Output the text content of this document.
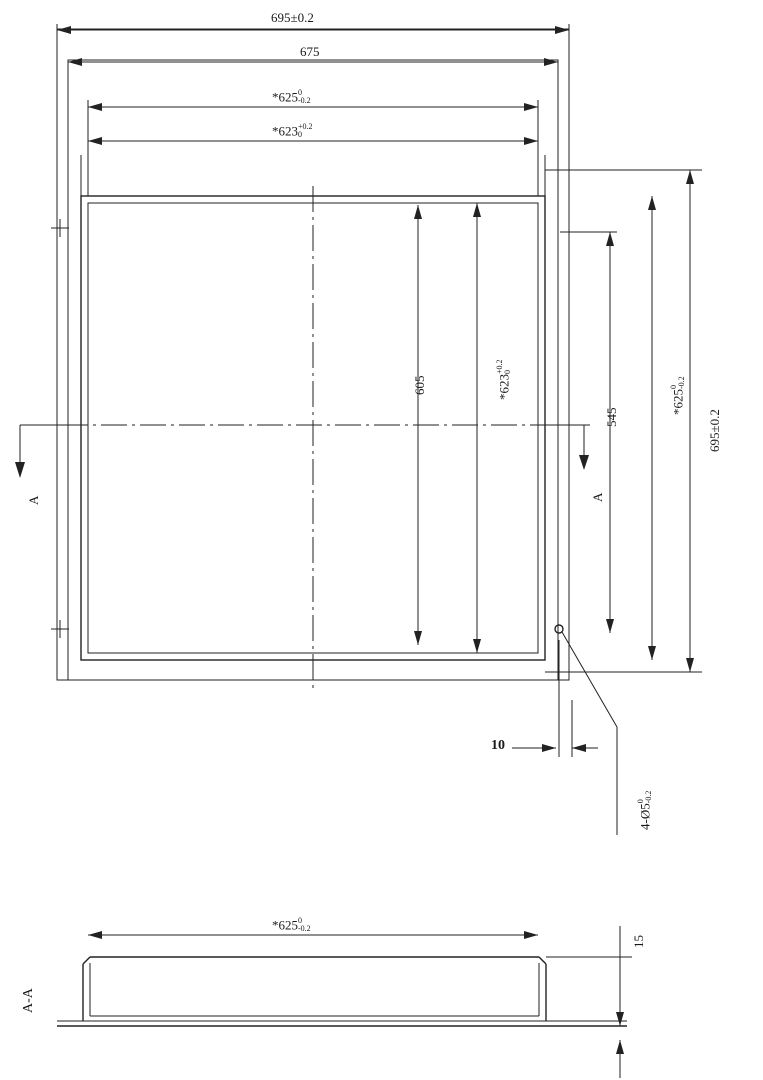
695±0.2
675
*625 0
-0.2
*623 +0.2
0
605
*623
+0.2 0
545	*625
0 -0.2
695±0.2
A	A
10
4-Ø5
0 -0.2
*625 0
-0.2
15
A-A
